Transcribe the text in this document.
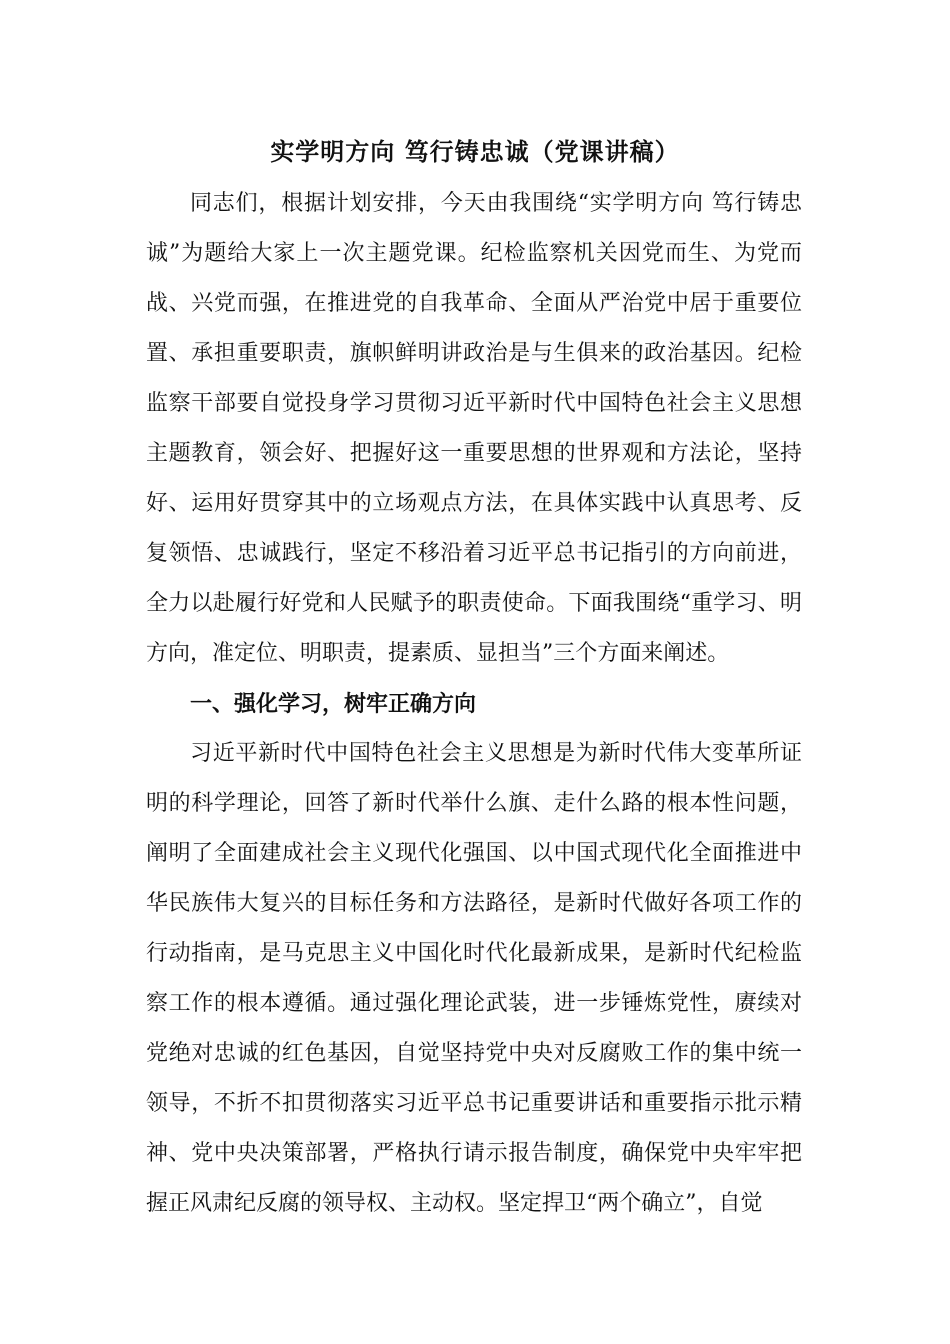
实学明方向 笃行铸忠诚（党课讲稿）

同志们，根据计划安排，今天由我围绕“实学明方向 笃行铸忠诚”为题给大家上一次主题党课。纪检监察机关因党而生、为党而战、兴党而强，在推进党的自我革命、全面从严治党中居于重要位置、承担重要职责，旗帜鲜明讲政治是与生俱来的政治基因。纪检监察干部要自觉投身学习贯彻习近平新时代中国特色社会主义思想主题教育，领会好、把握好这一重要思想的世界观和方法论，坚持好、运用好贯穿其中的立场观点方法，在具体实践中认真思考、反复领悟、忠诚践行，坚定不移沿着习近平总书记指引的方向前进，全力以赴履行好党和人民赋予的职责使命。下面我围绕“重学习、明方向，准定位、明职责，提素质、显担当”三个方面来阐述。

一、强化学习，树牢正确方向

习近平新时代中国特色社会主义思想是为新时代伟大变革所证明的科学理论，回答了新时代举什么旗、走什么路的根本性问题，阐明了全面建成社会主义现代化强国、以中国式现代化全面推进中华民族伟大复兴的目标任务和方法路径，是新时代做好各项工作的行动指南，是马克思主义中国化时代化最新成果，是新时代纪检监察工作的根本遵循。通过强化理论武装，进一步锤炼党性，赓续对党绝对忠诚的红色基因，自觉坚持党中央对反腐败工作的集中统一领导，不折不扣贯彻落实习近平总书记重要讲话和重要指示批示精神、党中央决策部署，严格执行请示报告制度，确保党中央牢牢把握正风肃纪反腐的领导权、主动权。坚定捍卫“两个确立”，自觉
